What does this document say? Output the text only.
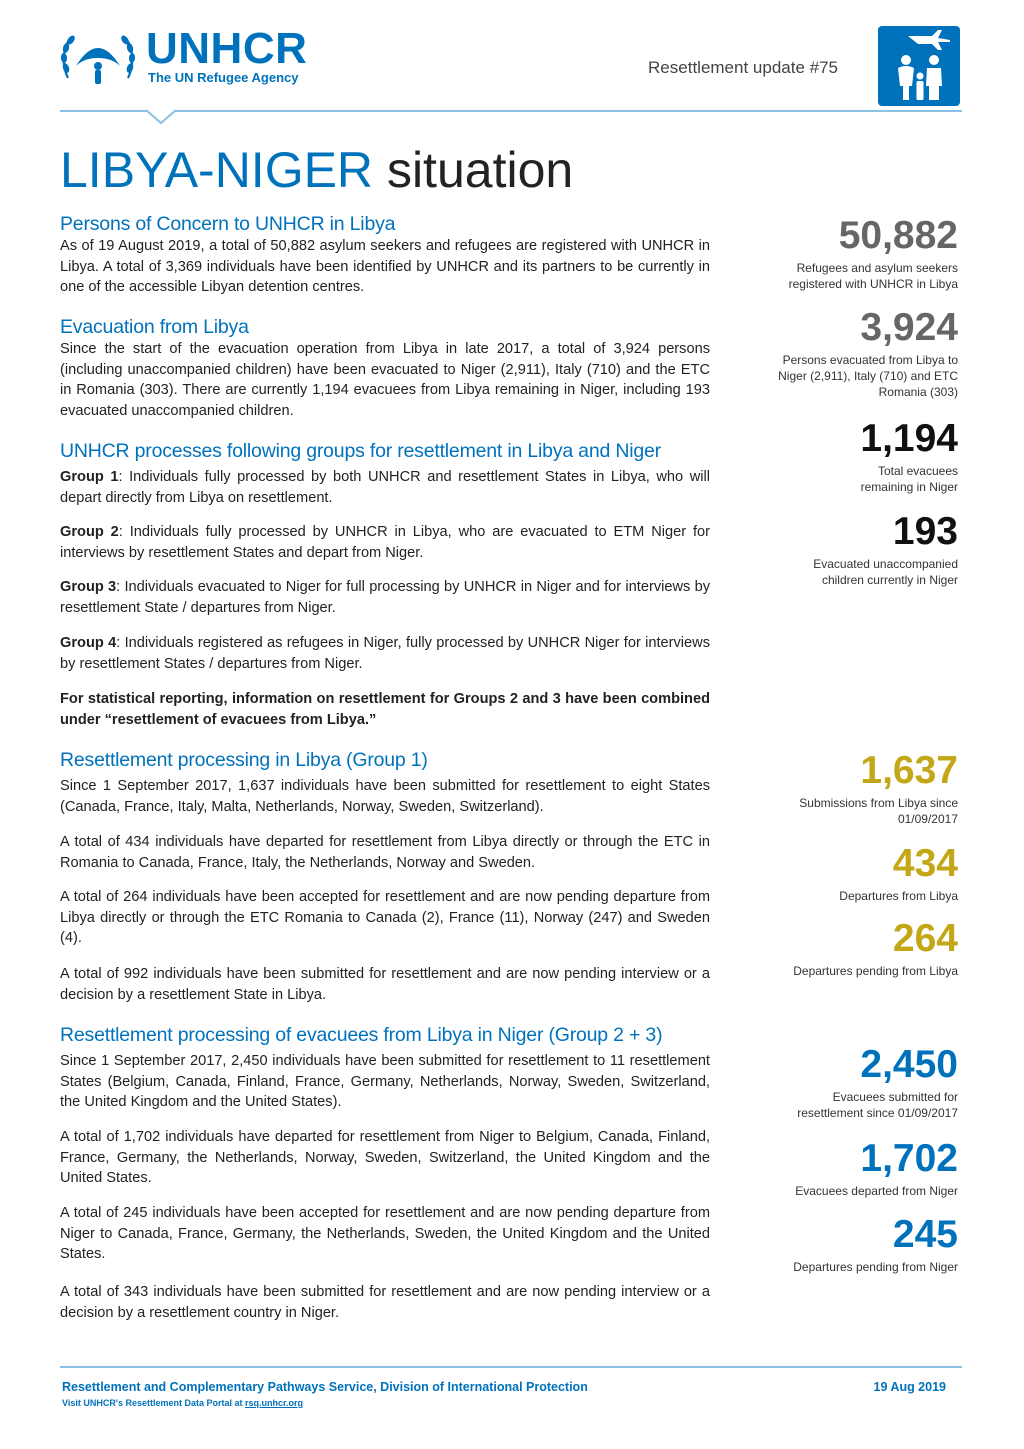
UNHCR
The UN Refugee Agency
Resettlement update #75
LIBYA-NIGER situation
Persons of Concern to UNHCR in Libya

As of 19 August 2019, a total of 50,882 asylum seekers and refugees are registered with UNHCR in Libya. A total of 3,369 individuals have been identified by UNHCR and its partners to be currently in one of the accessible Libyan detention centres.

Evacuation from Libya

Since the start of the evacuation operation from Libya in late 2017, a total of 3,924 persons (including unaccompanied children) have been evacuated to Niger (2,911), Italy (710) and the ETC in Romania (303). There are currently 1,194 evacuees from Libya remaining in Niger, including 193 evacuated unaccompanied children.

UNHCR processes following groups for resettlement in Libya and Niger

Group 1: Individuals fully processed by both UNHCR and resettlement States in Libya, who will depart directly from Libya on resettlement.

Group 2: Individuals fully processed by UNHCR in Libya, who are evacuated to ETM Niger for interviews by resettlement States and depart from Niger.

Group 3: Individuals evacuated to Niger for full processing by UNHCR in Niger and for interviews by resettlement State / departures from Niger.

Group 4: Individuals registered as refugees in Niger, fully processed by UNHCR Niger for interviews by resettlement States / departures from Niger.

For statistical reporting, information on resettlement for Groups 2 and 3 have been combined under “resettlement of evacuees from Libya.”

Resettlement processing in Libya (Group 1)

Since 1 September 2017, 1,637 individuals have been submitted for resettlement to eight States (Canada, France, Italy, Malta, Netherlands, Norway, Sweden, Switzerland).

A total of 434 individuals have departed for resettlement from Libya directly or through the ETC in Romania to Canada, France, Italy, the Netherlands, Norway and Sweden.

A total of 264 individuals have been accepted for resettlement and are now pending departure from Libya directly or through the ETC Romania to Canada (2), France (11), Norway (247) and Sweden (4).

A total of 992 individuals have been submitted for resettlement and are now pending interview or a decision by a resettlement State in Libya.

Resettlement processing of evacuees from Libya in Niger (Group 2 + 3)

Since 1 September 2017, 2,450 individuals have been submitted for resettlement to 11 resettlement States (Belgium, Canada, Finland, France, Germany, Netherlands, Norway, Sweden, Switzerland, the United Kingdom and the United States).

A total of 1,702 individuals have departed for resettlement from Niger to Belgium, Canada, Finland, France, Germany, the Netherlands, Norway, Sweden, Switzerland, the United Kingdom and the United States.

A total of 245 individuals have been accepted for resettlement and are now pending departure from Niger to Canada, France, Germany, the Netherlands, Sweden, the United Kingdom and the United States.

A total of 343 individuals have been submitted for resettlement and are now pending interview or a decision by a resettlement country in Niger.

50,882
Refugees and asylum seekers registered with UNHCR in Libya
3,924
Persons evacuated from Libya to Niger (2,911), Italy (710) and ETC Romania (303)
1,194
Total evacuees remaining in Niger
193
Evacuated unaccompanied children currently in Niger
1,637
Submissions from Libya since 01/09/2017
434
Departures from Libya
264
Departures pending from Libya
2,450
Evacuees submitted for resettlement since 01/09/2017
1,702
Evacuees departed from Niger
245
Departures pending from Niger
Resettlement and Complementary Pathways Service, Division of International Protection	19 Aug 2019
Visit UNHCR's Resettlement Data Portal at rsq.unhcr.org
